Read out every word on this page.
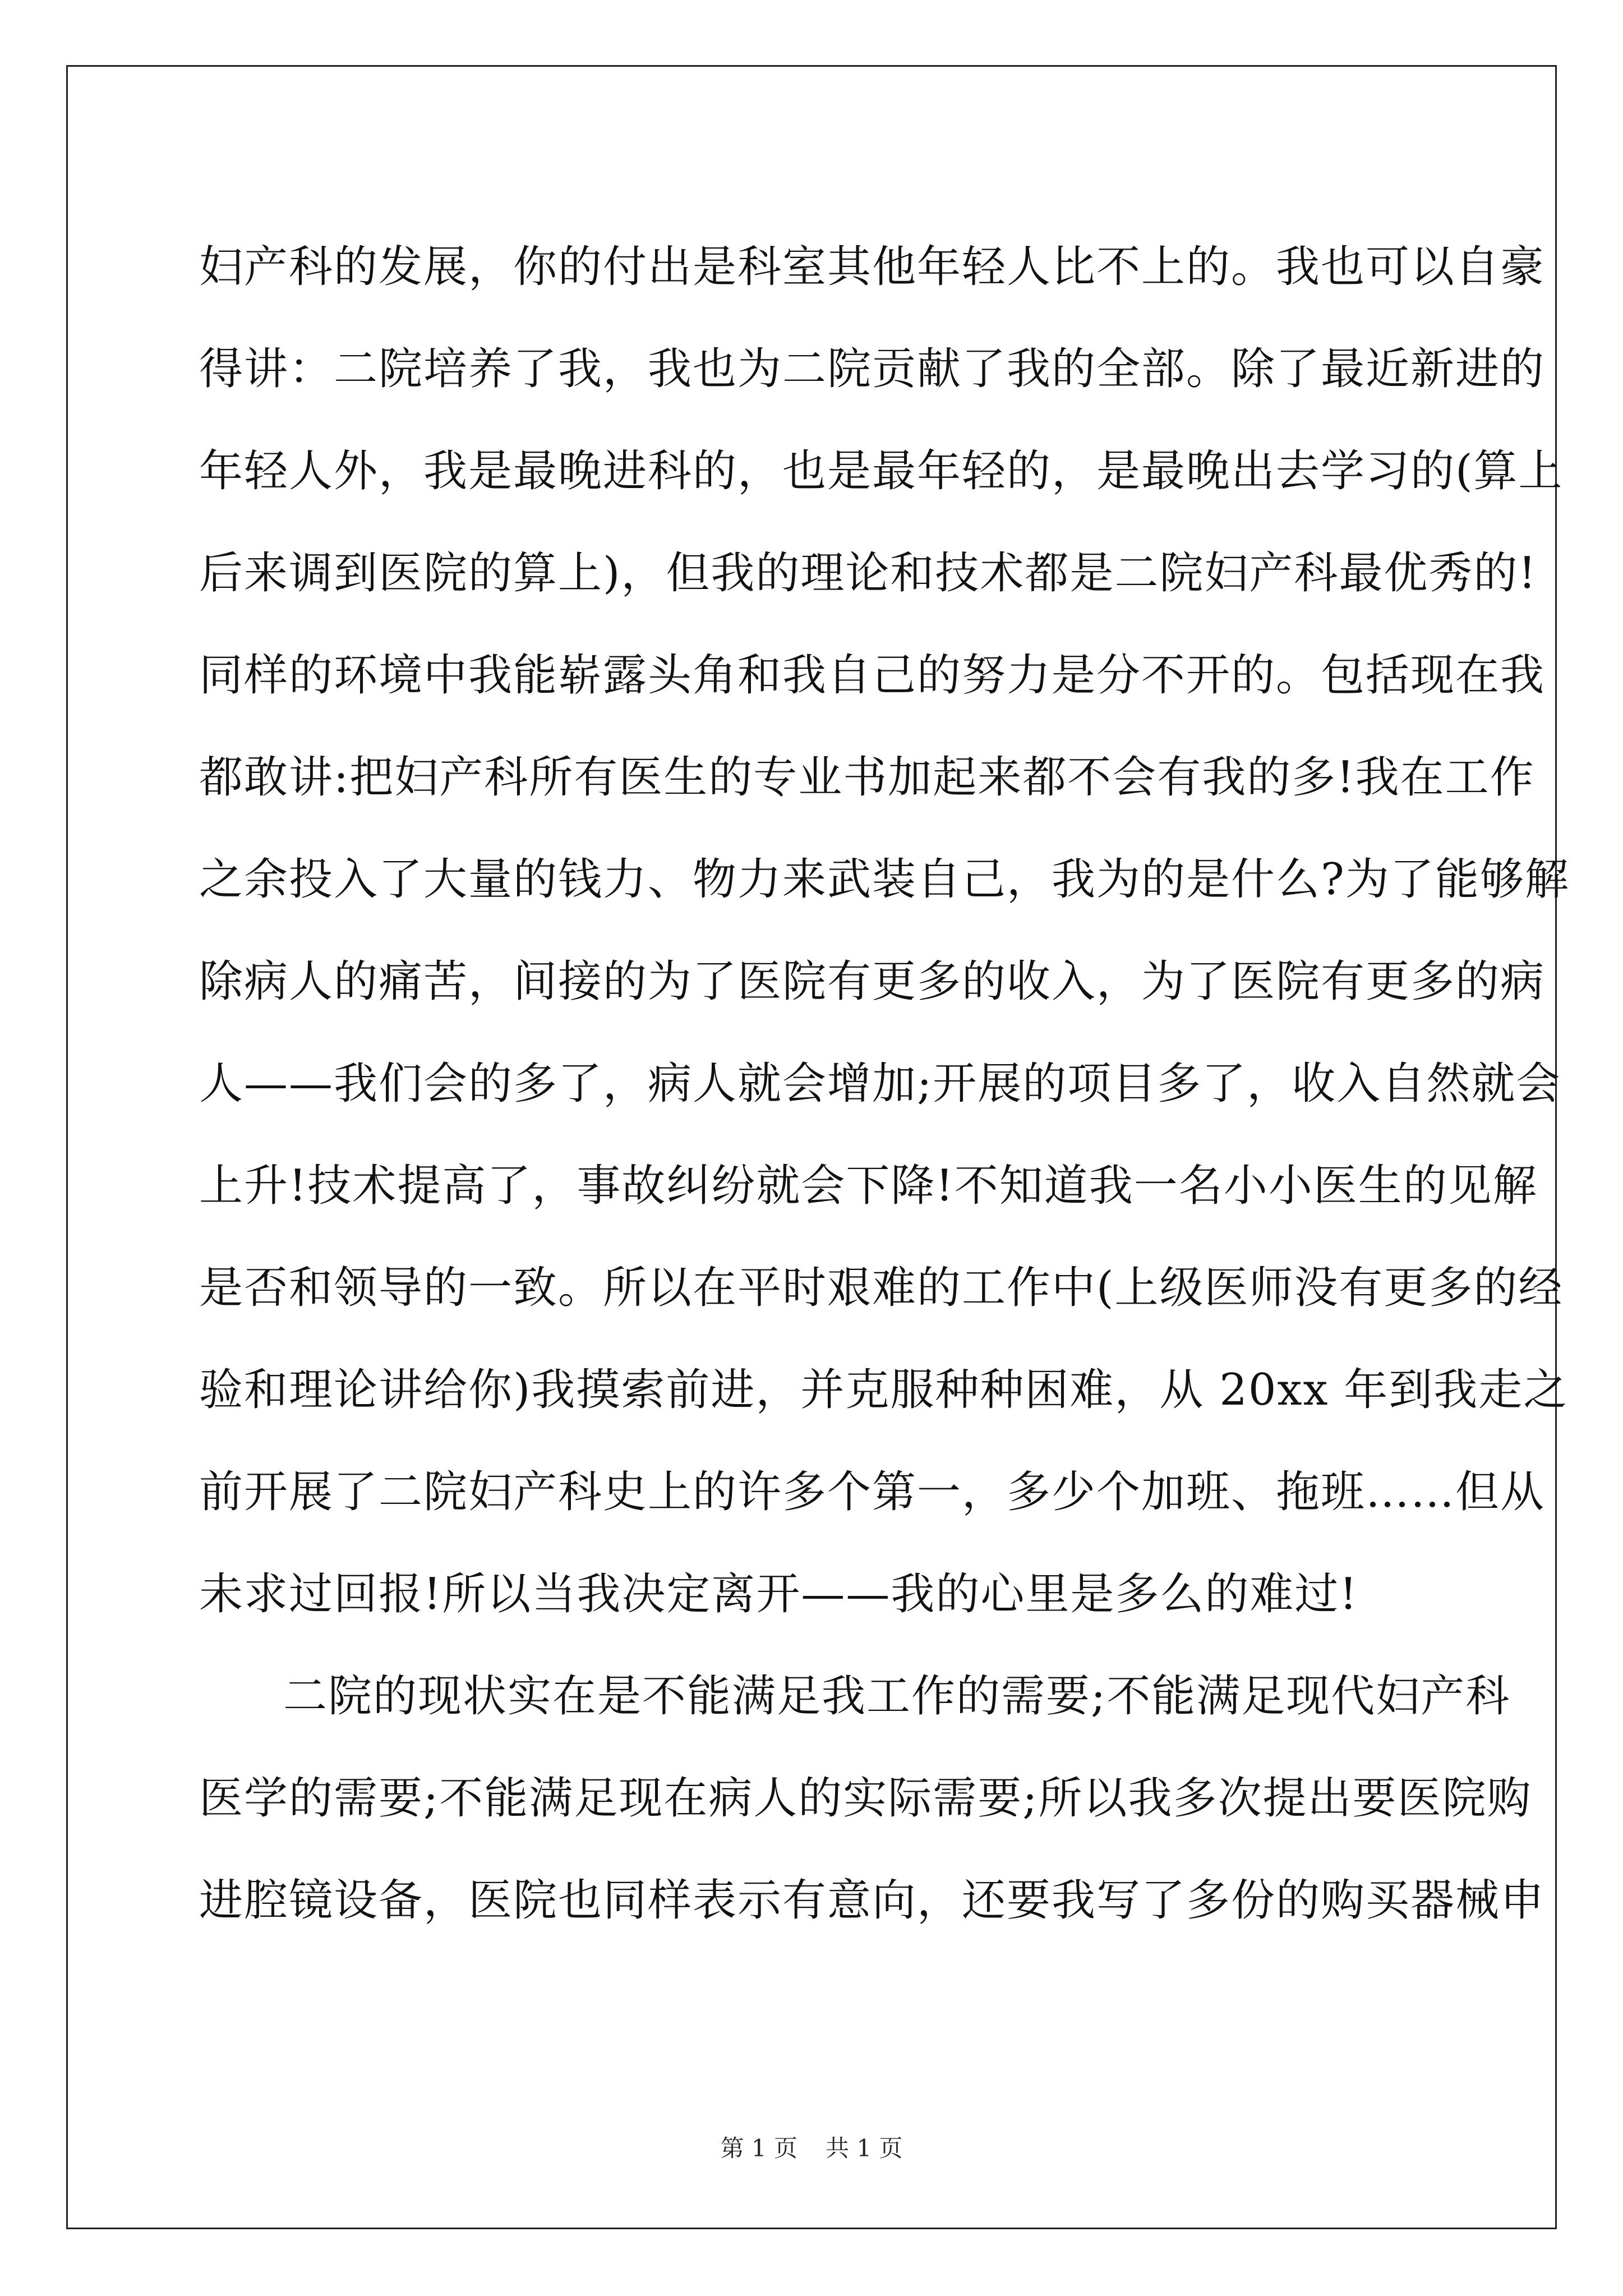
妇产科的发展，你的付出是科室其他年轻人比不上的。我也可以自豪
得讲：二院培养了我，我也为二院贡献了我的全部。除了最近新进的
年轻人外，我是最晚进科的，也是最年轻的，是最晚出去学习的(算上
后来调到医院的算上)，但我的理论和技术都是二院妇产科最优秀的!
同样的环境中我能崭露头角和我自己的努力是分不开的。包括现在我
都敢讲:把妇产科所有医生的专业书加起来都不会有我的多!我在工作
之余投入了大量的钱力、物力来武装自己，我为的是什么?为了能够解
除病人的痛苦，间接的为了医院有更多的收入，为了医院有更多的病
人——我们会的多了，病人就会增加;开展的项目多了，收入自然就会
上升!技术提高了，事故纠纷就会下降!不知道我一名小小医生的见解
是否和领导的一致。所以在平时艰难的工作中(上级医师没有更多的经
验和理论讲给你)我摸索前进，并克服种种困难，从 20xx 年到我走之
前开展了二院妇产科史上的许多个第一，多少个加班、拖班……但从
未求过回报!所以当我决定离开——我的心里是多么的难过!
二院的现状实在是不能满足我工作的需要;不能满足现代妇产科
医学的需要;不能满足现在病人的实际需要;所以我多次提出要医院购
进腔镜设备，医院也同样表示有意向，还要我写了多份的购买器械申
第 1 页 共 1 页
